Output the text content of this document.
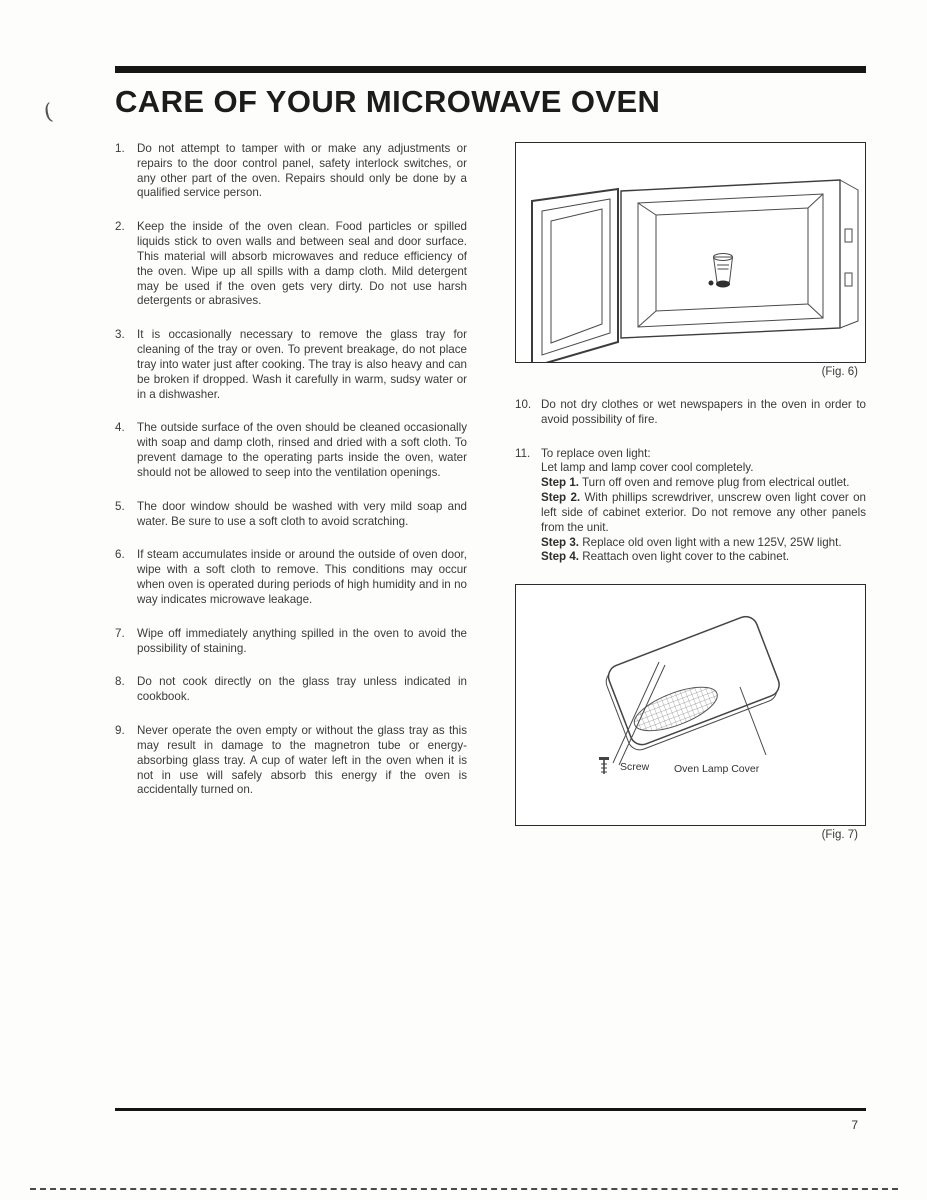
( CARE OF YOUR MICROWAVE OVEN
1.	Do not attempt to tamper with or make any adjustments or repairs to the door control panel, safety interlock switches, or any other part of the oven. Repairs should only be done by a qualified service person.

2.	Keep the inside of the oven clean. Food particles or spilled liquids stick to oven walls and between seal and door surface. This material will absorb microwaves and reduce efficiency of the oven. Wipe up all spills with a damp cloth. Mild detergent may be used if the oven gets very dirty. Do not use harsh detergents or abrasives.

3.	It is occasionally necessary to remove the glass tray for cleaning of the tray or oven. To prevent breakage, do not place tray into water just after cooking. The tray is also heavy and can be broken if dropped. Wash it carefully in warm, sudsy water or in a dishwasher.

4.	The outside surface of the oven should be cleaned occasionally with soap and damp cloth, rinsed and dried with a soft cloth. To prevent damage to the operating parts inside the oven, water should not be allowed to seep into the ventilation openings.

5.	The door window should be washed with very mild soap and water. Be sure to use a soft cloth to avoid scratching.

6.	If steam accumulates inside or around the outside of oven door, wipe with a soft cloth to remove. This conditions may occur when oven is operated during periods of high humidity and in no way indicates microwave leakage.

7.	Wipe off immediately anything spilled in the oven to avoid the possibility of staining.

8.	Do not cook directly on the glass tray unless indicated in cookbook.

9.	Never operate the oven empty or without the glass tray as this may result in damage to the magnetron tube or energy-absorbing glass tray. A cup of water left in the oven when it is not in use will safely absorb this energy if the oven is accidentally turned on.

(Fig. 6)
10. Do not dry clothes or wet newspapers in the oven in order to avoid possibility of fire.

11. To replace oven light:

Let lamp and lamp cover cool completely.

Step 1. Turn off oven and remove plug from electrical outlet.

Step 2. With phillips screwdriver, unscrew oven light cover on left side of cabinet exterior. Do not remove any other panels from the unit.

Step 3. Replace old oven light with a new 125V, 25W light.

Step 4. Reattach oven light cover to the cabinet.

Screw Oven Lamp Cover
(Fig. 7)
7
